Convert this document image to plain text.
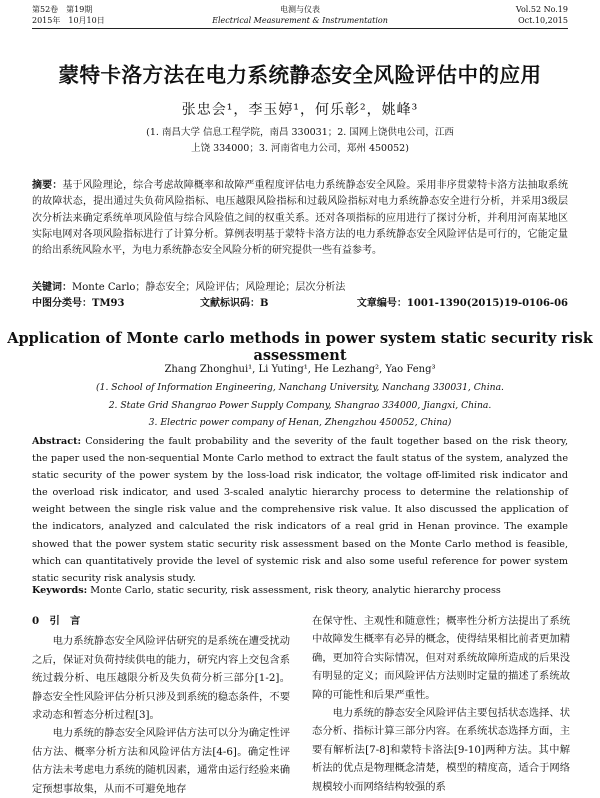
第52卷　第19期
2015年　10月10日
电测与仪表
Electrical Measurement & Instrumentation
Vol.52 No.19
Oct.10,2015
蒙特卡洛方法在电力系统静态安全风险评估中的应用
张忠会¹，李玉婷¹，何乐彰²，姚峰³
(1. 南昌大学 信息工程学院，南昌 330031；2. 国网上饶供电公司，江西
上饶 334000；3. 河南省电力公司，郑州 450052)
摘要：基于风险理论，综合考虑故障概率和故障严重程度评估电力系统静态安全风险。采用非序贯蒙特卡洛方法抽取系统的故障状态，提出通过失负荷风险指标、电压越限风险指标和过载风险指标对电力系统静态安全进行分析，并采用3级层次分析法来确定系统单项风险值与综合风险值之间的权重关系。还对各项指标的应用进行了探讨分析，并利用河南某地区实际电网对各项风险指标进行了计算分析。算例表明基于蒙特卡洛方法的电力系统静态安全风险评估是可行的，它能定量的给出系统风险水平，为电力系统静态安全风险分析的研究提供一些有益参考。
关键词：Monte Carlo；静态安全；风险评估；风险理论；层次分析法
中图分类号：TM93	文献标识码：B	文章编号：1001-1390(2015)19-0106-06
Application of Monte carlo methods in power system static security risk assessment
Zhang Zhonghui¹, Li Yuting¹, He Lezhang², Yao Feng³
(1. School of Information Engineering, Nanchang University, Nanchang 330031, China.
2. State Grid Shangrao Power Supply Company, Shangrao 334000, Jiangxi, China.
3. Electric power company of Henan, Zhengzhou 450052, China)
Abstract: Considering the fault probability and the severity of the fault together based on the risk theory, the paper used the non-sequential Monte Carlo method to extract the fault status of the system, analyzed the static security of the power system by the loss-load risk indicator, the voltage off-limited risk indicator and the overload risk indicator, and used 3-scaled analytic hierarchy process to determine the relationship of weight between the single risk value and the comprehensive risk value. It also discussed the application of the indicators, analyzed and calculated the risk indicators of a real grid in Henan province. The example showed that the power system static security risk assessment based on the Monte Carlo method is feasible, which can quantitatively provide the level of systemic risk and also some useful reference for power system static security risk analysis study.
Keywords: Monte Carlo, static security, risk assessment, risk theory, analytic hierarchy process
0　引　言

电力系统静态安全风险评估研究的是系统在遭受扰动之后，保证对负荷持续供电的能力，研究内容上交包含系统过载分析、电压越限分析及失负荷分析三部分[1-2]。静态安全性风险评估分析只涉及到系统的稳态条件，不要求动态和暂态分析过程[3]。

电力系统的静态安全风险评估方法可以分为确定性评估方法、概率分析方法和风险评估方法[4-6]。确定性评估方法未考虑电力系统的随机因素，通常由运行经验来确定预想事故集，从而不可避免地存

在保守性、主观性和随意性；概率性分析方法提出了系统中故障发生概率有必异的概念，使得结果相比前者更加精确，更加符合实际情况，但对对系统故障所造成的后果没有明显的定义；而风险评估方法则时定量的描述了系统故障的可能性和后果严重性。

电力系统的静态安全风险评估主要包括状态选择、状态分析、指标计算三部分内容。在系统状态选择方面，主要有解析法[7-8]和蒙特卡洛法[9-10]两种方法。其中解析法的优点是物理概念清楚，模型的精度高，适合于网络规模较小而网络结构较强的系
